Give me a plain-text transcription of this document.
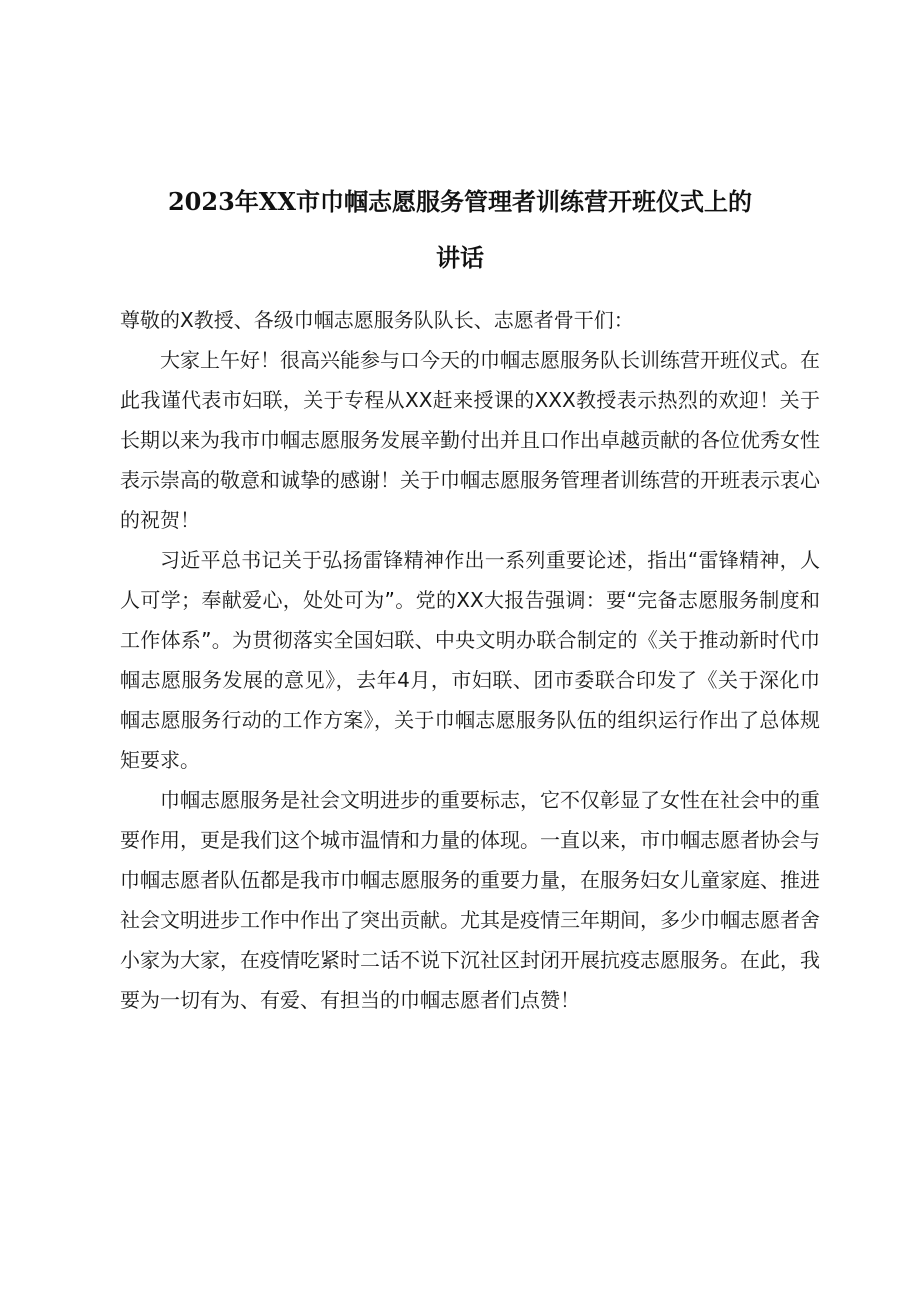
2023年XX市巾帼志愿服务管理者训练营开班仪式上的
讲话

尊敬的X教授、各级巾帼志愿服务队队长、志愿者骨干们：

大家上午好！很高兴能参与口今天的巾帼志愿服务队长训练营开班仪式。在此我谨代表市妇联，关于专程从XX赶来授课的XXX教授表示热烈的欢迎！关于长期以来为我市巾帼志愿服务发展辛勤付出并且口作出卓越贡献的各位优秀女性表示崇高的敬意和诚挚的感谢！关于巾帼志愿服务管理者训练营的开班表示衷心的祝贺！

习近平总书记关于弘扬雷锋精神作出一系列重要论述，指出“雷锋精神，人人可学；奉献爱心，处处可为”。党的XX大报告强调：要“完备志愿服务制度和工作体系”。为贯彻落实全国妇联、中央文明办联合制定的《关于推动新时代巾帼志愿服务发展的意见》，去年4月，市妇联、团市委联合印发了《关于深化巾帼志愿服务行动的工作方案》，关于巾帼志愿服务队伍的组织运行作出了总体规矩要求。

巾帼志愿服务是社会文明进步的重要标志，它不仅彰显了女性在社会中的重要作用，更是我们这个城市温情和力量的体现。一直以来，市巾帼志愿者协会与巾帼志愿者队伍都是我市巾帼志愿服务的重要力量，在服务妇女儿童家庭、推进社会文明进步工作中作出了突出贡献。尤其是疫情三年期间，多少巾帼志愿者舍小家为大家，在疫情吃紧时二话不说下沉社区封闭开展抗疫志愿服务。在此，我要为一切有为、有爱、有担当的巾帼志愿者们点赞！
